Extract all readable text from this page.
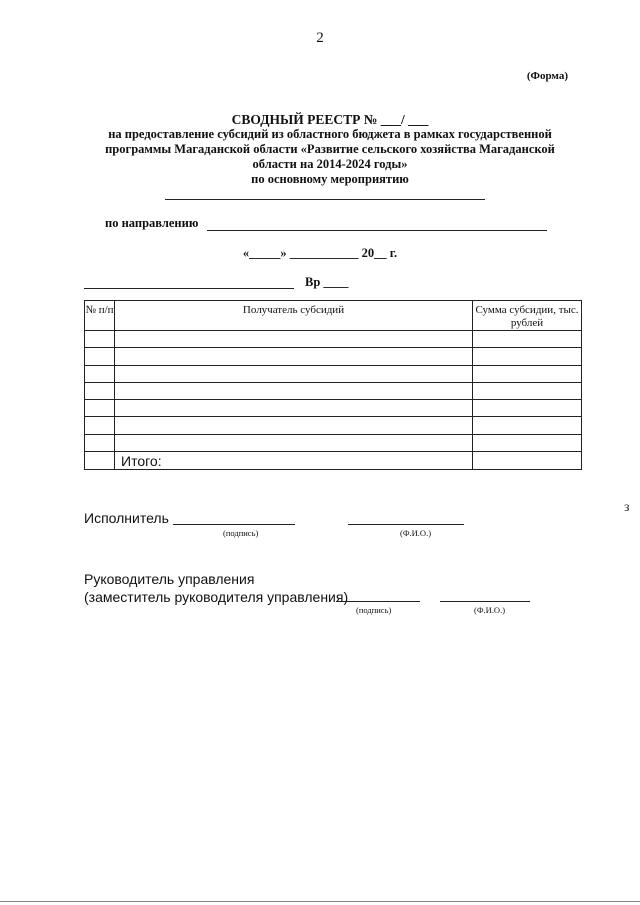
2
(Форма)
СВОДНЫЙ РЕЕСТР № ___/ ___
на предоставление субсидий из областного бюджета в рамках государственной
программы Магаданской области «Развитие сельского хозяйства Магаданской
области на 2014-2024 годы»
по основному мероприятию
по направлению
«_____» ___________ 20__ г.
Вр ____
№ п/п	Получатель субсидий	Сумма субсидии, тыс. рублей

	Итого:	
Исполнитель
(подпись)	(Ф.И.О.)
Руководитель управления
(заместитель руководителя управления)
(подпись)	(Ф.И.О.)
з
